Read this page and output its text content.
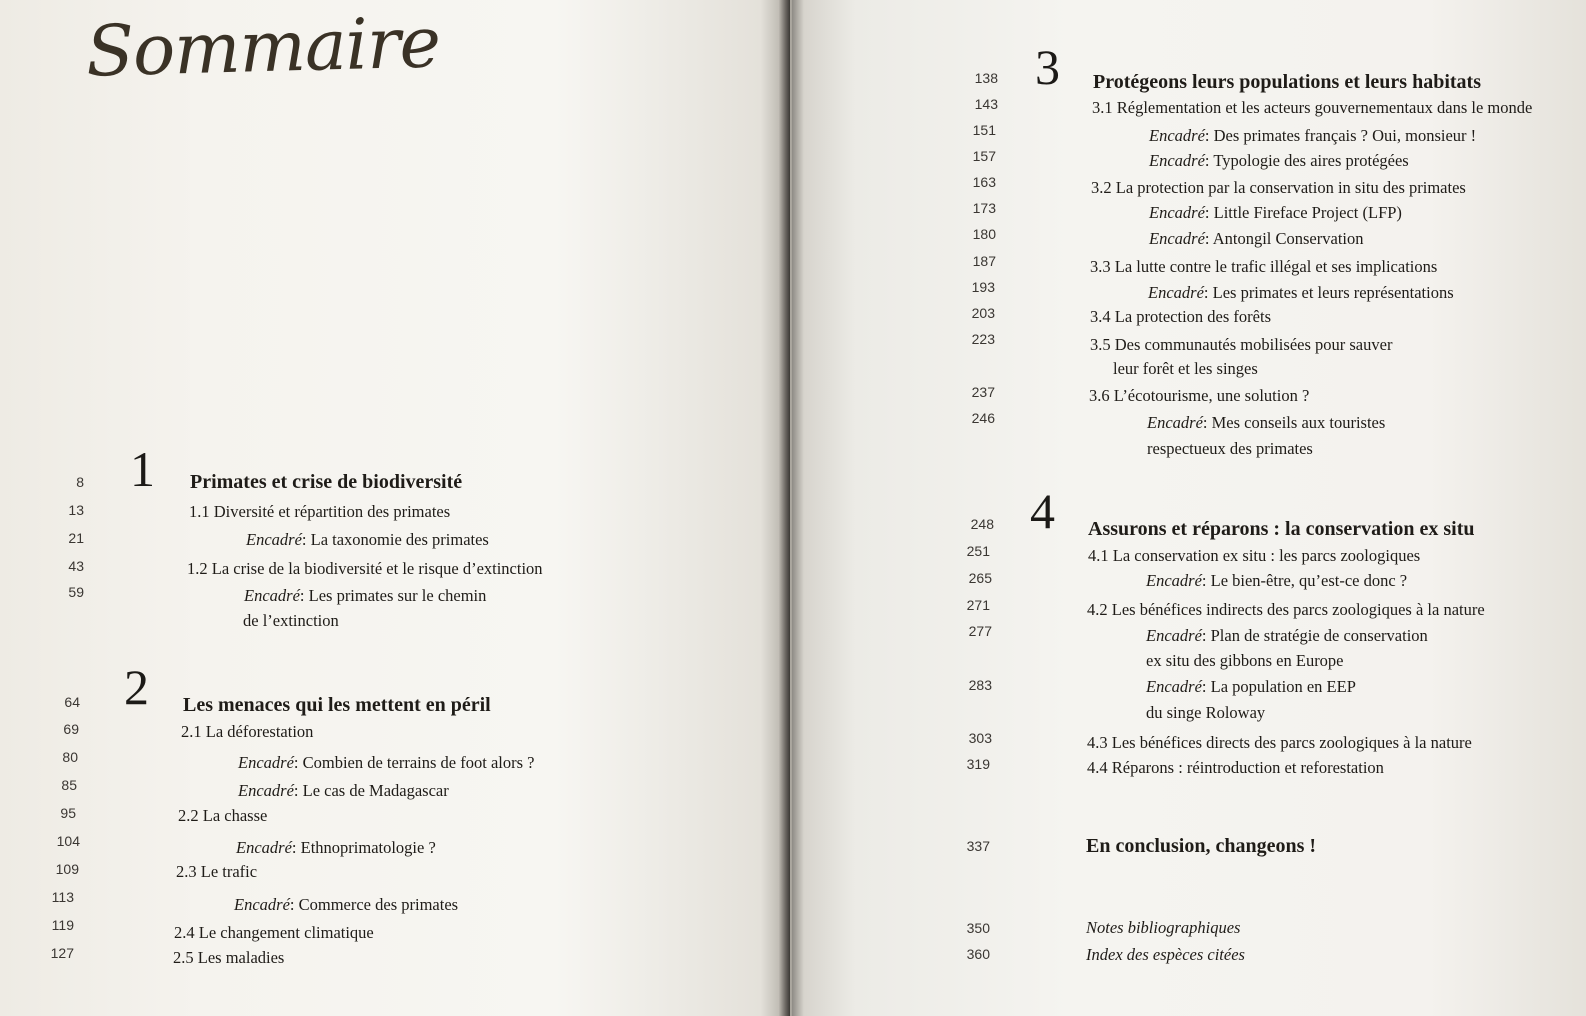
Sommaire
8 1 Primates et crise de biodiversité
13	1.1 Diversité et répartition des primates
21	Encadré: La taxonomie des primates
43	1.2 La crise de la biodiversité et le risque d’extinction
59	Encadré: Les primates sur le chemin
de l’extinction
64 2 Les menaces qui les mettent en péril
69	2.1 La déforestation
80	Encadré: Combien de terrains de foot alors ?
85	Encadré: Le cas de Madagascar
95	2.2 La chasse
104	Encadré: Ethnoprimatologie ?
109	2.3 Le trafic
113	Encadré: Commerce des primates
119	2.4 Le changement climatique
127	2.5 Les maladies
138 3 Protégeons leurs populations et leurs habitats
143	3.1 Réglementation et les acteurs gouvernementaux dans le monde
151	Encadré: Des primates français ? Oui, monsieur !
157	Encadré: Typologie des aires protégées
163	3.2 La protection par la conservation in situ des primates
173	Encadré: Little Fireface Project (LFP)
180	Encadré: Antongil Conservation
187	3.3 La lutte contre le trafic illégal et ses implications
193	Encadré: Les primates et leurs représentations
203	3.4 La protection des forêts
223	3.5 Des communautés mobilisées pour sauver
leur forêt et les singes
237	3.6 L’écotourisme, une solution ?
246	Encadré: Mes conseils aux touristes
respectueux des primates
248 4 Assurons et réparons : la conservation ex situ
251	4.1 La conservation ex situ : les parcs zoologiques
265	Encadré: Le bien-être, qu’est-ce donc ?
271	4.2 Les bénéfices indirects des parcs zoologiques à la nature
277	Encadré: Plan de stratégie de conservation
ex situ des gibbons en Europe
283	Encadré: La population en EEP
du singe Roloway
303	4.3 Les bénéfices directs des parcs zoologiques à la nature
319	4.4 Réparons : réintroduction et reforestation
337	En conclusion, changeons !
350	Notes bibliographiques
360	Index des espèces citées
